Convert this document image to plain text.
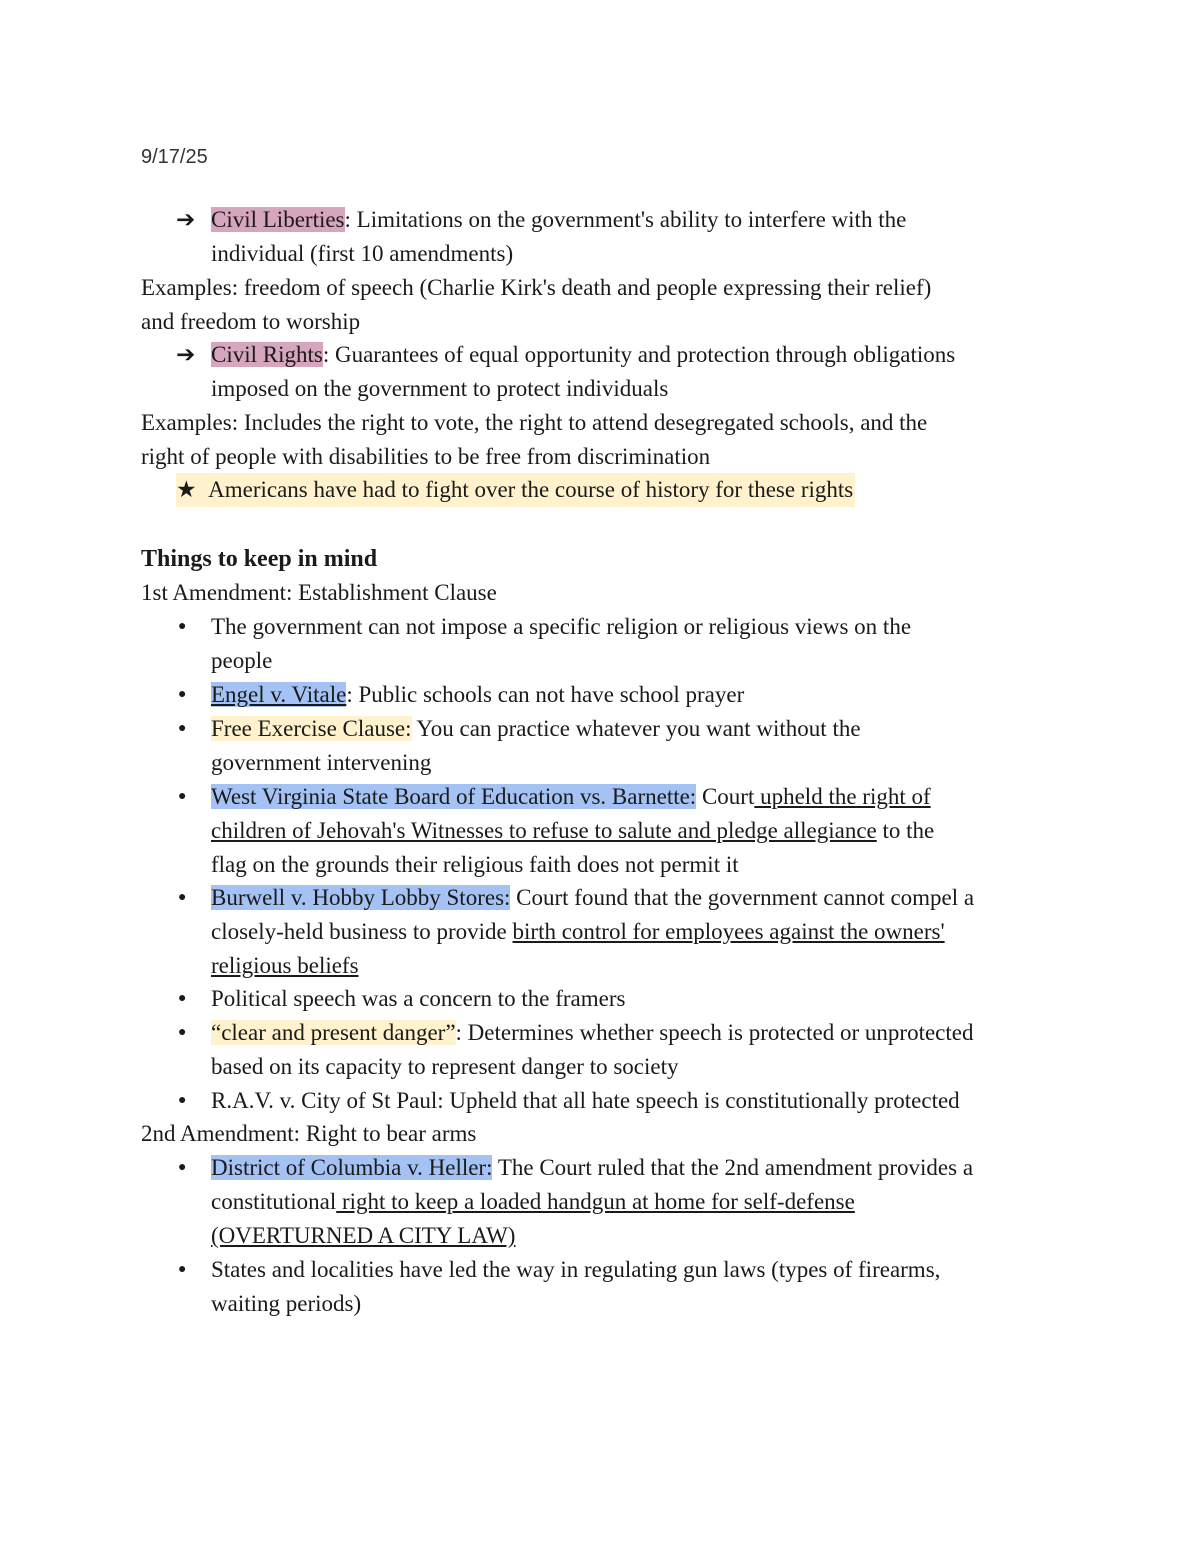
9/17/25
➔ Civil Liberties: Limitations on the government's ability to interfere with the
individual (first 10 amendments)
Examples: freedom of speech (Charlie Kirk's death and people expressing their relief)
and freedom to worship
➔ Civil Rights: Guarantees of equal opportunity and protection through obligations
imposed on the government to protect individuals
Examples: Includes the right to vote, the right to attend desegregated schools, and the
right of people with disabilities to be free from discrimination
★ Americans have had to fight over the course of history for these rights
Things to keep in mind
1st Amendment: Establishment Clause
● The government can not impose a specific religion or religious views on the
people
● Engel v. Vitale: Public schools can not have school prayer
● Free Exercise Clause: You can practice whatever you want without the
government intervening
● West Virginia State Board of Education vs. Barnette: Court upheld the right of
children of Jehovah's Witnesses to refuse to salute and pledge allegiance to the
flag on the grounds their religious faith does not permit it
● Burwell v. Hobby Lobby Stores: Court found that the government cannot compel a
closely-held business to provide birth control for employees against the owners'
religious beliefs
● Political speech was a concern to the framers
● “clear and present danger”: Determines whether speech is protected or unprotected
based on its capacity to represent danger to society
● R.A.V. v. City of St Paul: Upheld that all hate speech is constitutionally protected
2nd Amendment: Right to bear arms
● District of Columbia v. Heller: The Court ruled that the 2nd amendment provides a
constitutional right to keep a loaded handgun at home for self-defense
(OVERTURNED A CITY LAW)
● States and localities have led the way in regulating gun laws (types of firearms,
waiting periods)
